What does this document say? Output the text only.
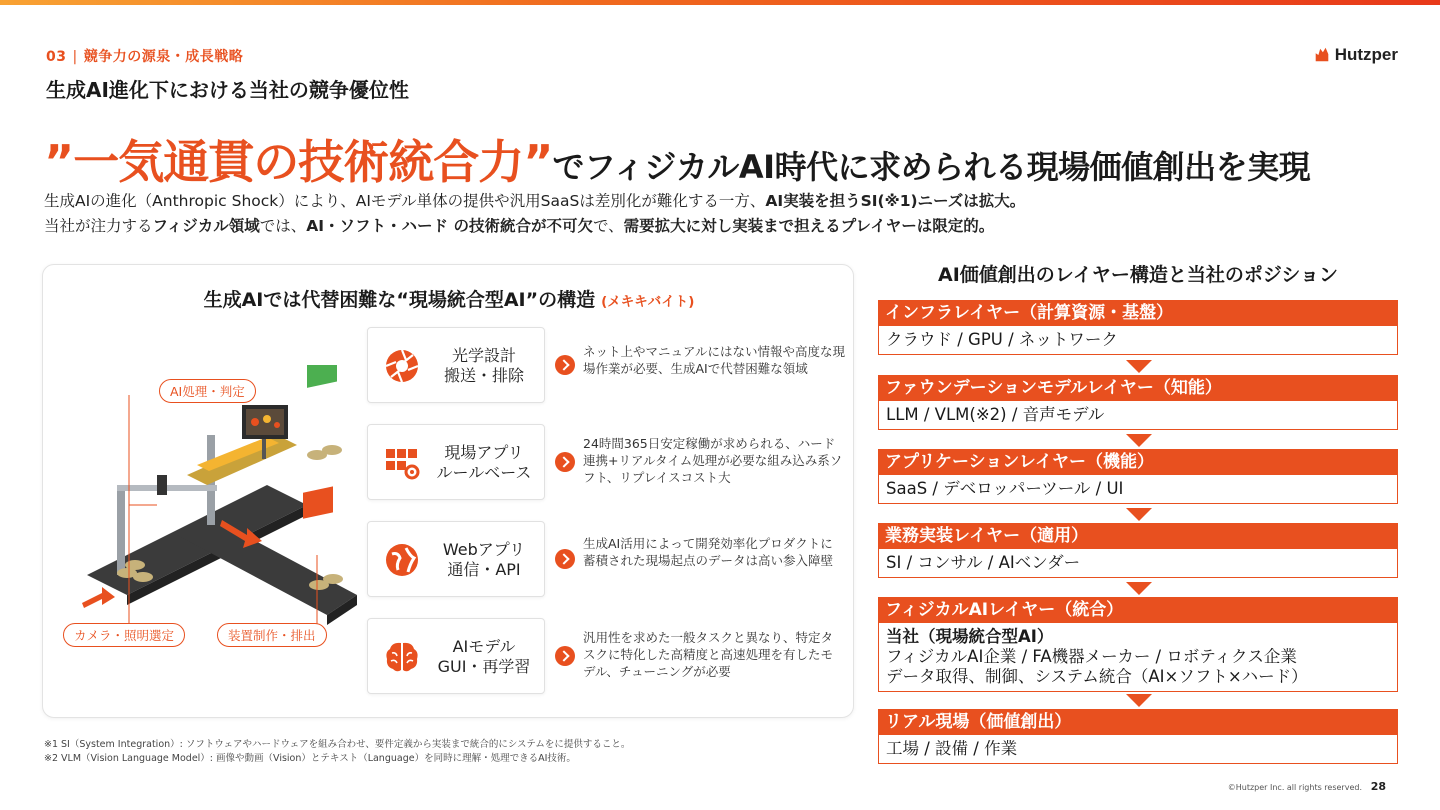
03 | 競争力の源泉・成長戦略
生成AI進化下における当社の競争優位性
Hutzper
”一気通貫の技術統合力”でフィジカルAI時代に求められる現場価値創出を実現
生成AIの進化（Anthropic Shock）により、AIモデル単体の提供や汎用SaaSは差別化が難化する一方、AI実装を担うSI(※1)ニーズは拡大。
当社が注力するフィジカル領域では、AI・ソフト・ハード の技術統合が不可欠で、需要拡大に対し実装まで担えるプレイヤーは限定的。
生成AIでは代替困難な“現場統合型AI”の構造 (メキキバイト)
OK
NG
AI処理・判定
カメラ・照明選定	装置制作・排出
光学設計
搬送・排除
ネット上やマニュアルにはない情報や高度な現場作業が必要、生成AIで代替困難な領域
現場アプリ
ルールベース
24時間365日安定稼働が求められる、ハード連携+リアルタイム処理が必要な組み込み系ソフト、リプレイスコスト大
Webアプリ
通信・API
生成AI活用によって開発効率化プロダクトに蓄積された現場起点のデータは高い参入障壁
AIモデル
GUI・再学習
汎用性を求めた一般タスクと異なり、特定タスクに特化した高精度と高速処理を有したモデル、チューニングが必要
※1 SI（System Integration）: ソフトウェアやハードウェアを組み合わせ、要件定義から実装まで統合的にシステムをに提供すること。
※2 VLM（Vision Language Model）: 画像や動画（Vision）とテキスト（Language）を同時に理解・処理できるAI技術。
AI価値創出のレイヤー構造と当社のポジション
インフラレイヤー（計算資源・基盤）
クラウド / GPU / ネットワーク
ファウンデーションモデルレイヤー（知能）
LLM / VLM(※2) / 音声モデル
アプリケーションレイヤー（機能）
SaaS / デベロッパーツール / UI
業務実装レイヤー（適用）
SI / コンサル / AIベンダー
フィジカルAIレイヤー（統合）
当社（現場統合型AI）
フィジカルAI企業 / FA機器メーカー / ロボティクス企業
データ取得、制御、システム統合（AI×ソフト×ハード）
リアル現場（価値創出）
工場 / 設備 / 作業
©Hutzper Inc. all rights reserved. 28
